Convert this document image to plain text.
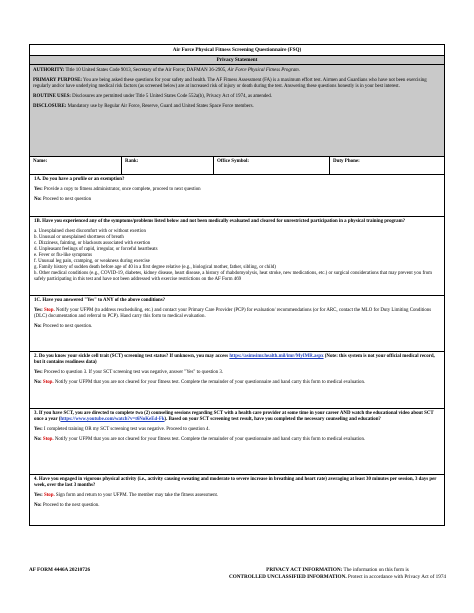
Air Force Physical Fitness Screening Questionnaire (FSQ)
Privacy Statement

AUTHORITY: Title 10 United States Code 9013, Secretary of the Air Force; DAFMAN 36-2905, Air Force Physical Fitness Program.

PRIMARY PURPOSE: You are being asked these questions for your safety and health. The AF Fitness Assessment (FA) is a maximum effort test. Airmen and Guardians who have not been exercising regularly and/or have underlying medical risk factors (as screened below) are at increased risk of injury or death during the test. Answering these questions honestly is in your best interest.

ROUTINE USES: Disclosures are permitted under Title 5 United States Code 552a(b), Privacy Act of 1974, as amended.

DISCLOSURE: Mandatory use by Regular Air Force, Reserve, Guard and United States Space Force members.

Name:	Rank:	Office Symbol:	Duty Phone:

1A. Do you have a profile or an exemption?

Yes: Provide a copy to fitness administrator, once complete, proceed to next question

No: Proceed to next question

1B. Have you experienced any of the symptoms/problems listed below and not been medically evaluated and cleared for unrestricted participation in a physical training program?

a. Unexplained chest discomfort with or without exertion
b. Unusual or unexplained shortness of breath
c. Dizziness, fainting, or blackouts associated with exertion
d. Unpleasant feelings of rapid, irregular, or forceful heartbeats
e. Fever or flu-like symptoms
f. Unusual leg pain, cramping, or weakness during exercise
g. Family history of sudden death before age of 40 in a first degree relative (e.g., biological mother, father, sibling, or child)
h. Other medical conditions (e.g., COVID-19, diabetes, kidney disease, heart disease, a history of rhabdomyolysis, heat stroke, new medications, etc.) or surgical considerations that may prevent you from safely participating in this test and have not been addressed with exercise restrictions on the AF Form 469

1C. Have you answered "Yes" to ANY of the above conditions?

Yes: Stop. Notify your UFPM (to address rescheduling, etc.) and contact your Primary Care Provider (PCP) for evaluation/ recommendations (or for ARC, contact the MLO for Duty Limiting Conditions (DLC) documentation and referral to PCP). Hand carry this form to medical evaluation.

No: Proceed to next question.

2. Do you know your sickle cell trait (SCT) screening test status? If unknown, you may access https://asimsimr.health.mil/imr/MyIMR.aspx (Note: this system is not your official medical record, but it contains readiness data)

Yes: Proceed to question 3. If your SCT screening test was negative, answer "Yes" to question 3.

No: Stop. Notify your UFPM that you are not cleared for your fitness test. Complete the remainder of your questionnaire and hand carry this form to medical evaluation.

3. If you have SCT, you are directed to complete two (2) counseling sessions regarding SCT with a health care provider at some time in your career AND watch the educational video about SCT once a year (https://www.youtube.com/watch?v=t6NoKeEd-Fk). Based on your SCT screening test result, have you completed the necessary counseling and education?

Yes: I completed training OR my SCT screening test was negative. Proceed to question 4.

No: Stop. Notify your UFPM that you are not cleared for your fitness test. Complete the remainder of your questionnaire and hand carry this form to medical evaluation.

4. Have you engaged in vigorous physical activity (i.e., activity causing sweating and moderate to severe increase in breathing and heart rate) averaging at least 30 minutes per session, 3 days per week, over the last 3 months?

Yes: Stop. Sign form and return to your UFPM. The member may take the fitness assessment.

No: Proceed to the next question.

AF FORM 4446A 20210726	PRIVACY ACT INFORMATION: The information on this form is
CONTROLLED UNCLASSIFIED INFORMATION. Protect in accordance with Privacy Act of 1974
